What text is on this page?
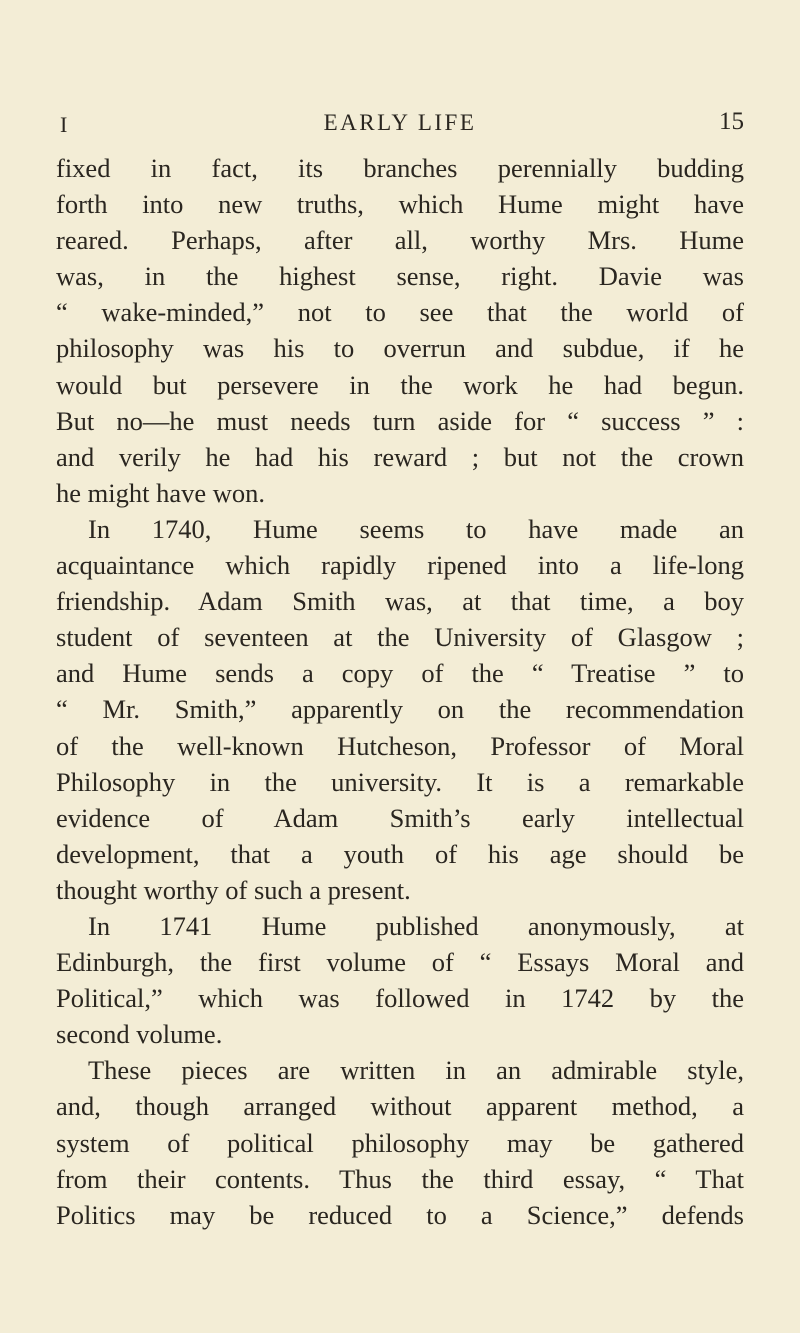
I	EARLY LIFE	15
fixed in fact, its branches perennially budding
forth into new truths, which Hume might have
reared. Perhaps, after all, worthy Mrs. Hume
was, in the highest sense, right. Davie was
“ wake-minded,” not to see that the world of
philosophy was his to overrun and subdue, if he
would but persevere in the work he had begun.
But no—he must needs turn aside for “ success ” :
and verily he had his reward ; but not the crown
he might have won.
In 1740, Hume seems to have made an
acquaintance which rapidly ripened into a life-long
friendship. Adam Smith was, at that time, a boy
student of seventeen at the University of Glasgow ;
and Hume sends a copy of the “ Treatise ” to
“ Mr. Smith,” apparently on the recommendation
of the well-known Hutcheson, Professor of Moral
Philosophy in the university. It is a remarkable
evidence of Adam Smith’s early intellectual
development, that a youth of his age should be
thought worthy of such a present.
In 1741 Hume published anonymously, at
Edinburgh, the first volume of “ Essays Moral and
Political,” which was followed in 1742 by the
second volume.
These pieces are written in an admirable style,
and, though arranged without apparent method, a
system of political philosophy may be gathered
from their contents. Thus the third essay, “ That
Politics may be reduced to a Science,” defends
